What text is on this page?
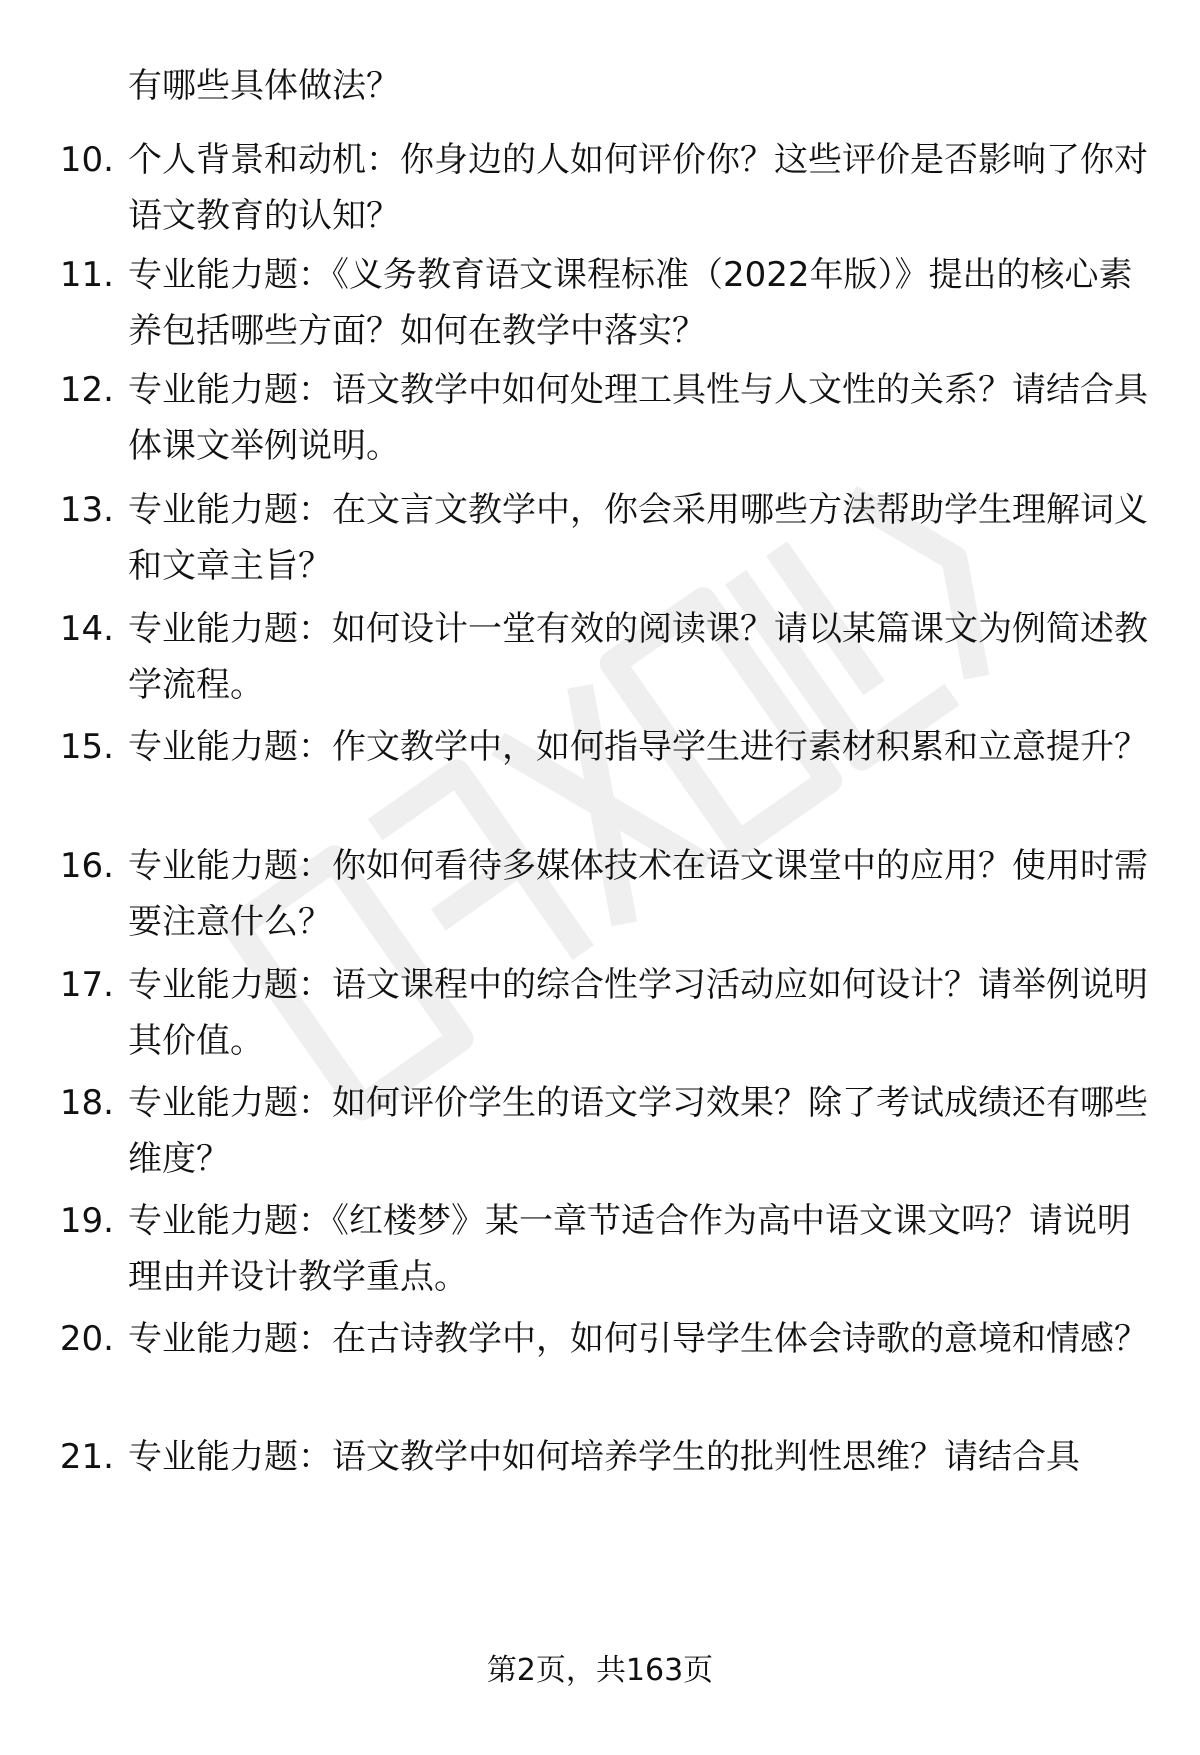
有哪些具体做法？

10. 个人背景和动机：你身边的人如何评价你？这些评价是否影响了你对语文教育的认知？

11. 专业能力题：《义务教育语文课程标准（2022年版）》提出的核心素养包括哪些方面？如何在教学中落实？

12. 专业能力题：语文教学中如何处理工具性与人文性的关系？请结合具体课文举例说明。

13. 专业能力题：在文言文教学中，你会采用哪些方法帮助学生理解词义和文章主旨？

14. 专业能力题：如何设计一堂有效的阅读课？请以某篇课文为例简述教学流程。

15. 专业能力题：作文教学中，如何指导学生进行素材积累和立意提升？

16. 专业能力题：你如何看待多媒体技术在语文课堂中的应用？使用时需要注意什么？

17. 专业能力题：语文课程中的综合性学习活动应如何设计？请举例说明其价值。

18. 专业能力题：如何评价学生的语文学习效果？除了考试成绩还有哪些维度？

19. 专业能力题：《红楼梦》某一章节适合作为高中语文课文吗？请说明理由并设计教学重点。

20. 专业能力题：在古诗教学中，如何引导学生体会诗歌的意境和情感？

21. 专业能力题：语文教学中如何培养学生的批判性思维？请结合具

第2页，共163页
